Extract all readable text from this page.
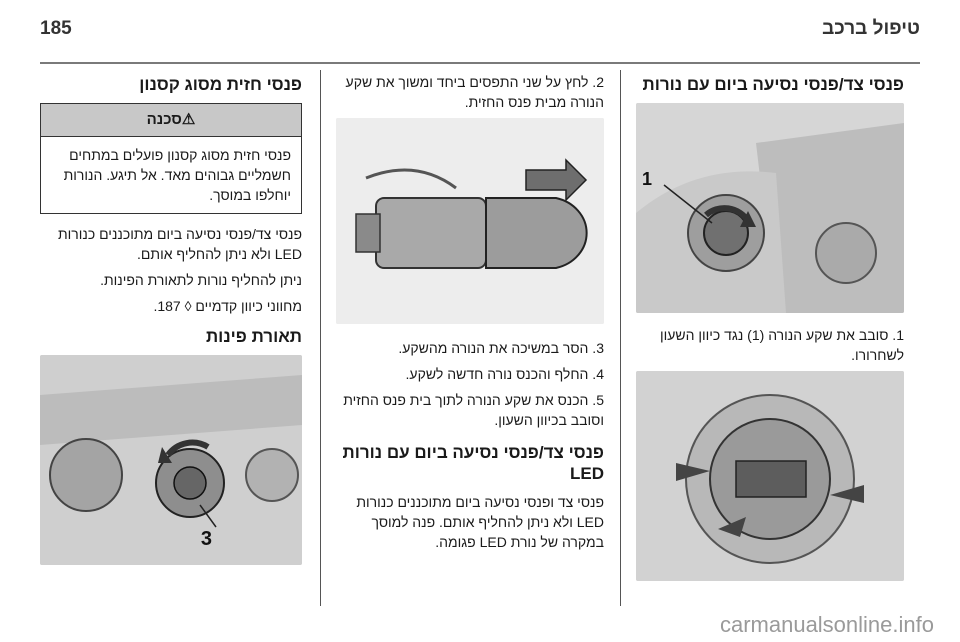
טיפול ברכב
185
פנסי צד/פנסי נסיעה ביום עם נורות
1

1. סובב את שקע הנורה (1) נגד כיוון השעון לשחרורו.

2. לחץ על שני התפסים ביחד ומשוך את שקע הנורה מבית פנס החזית.

3. הסר במשיכה את הנורה מהשקע.

4. החלף והכנס נורה חדשה לשקע.

5. הכנס את שקע הנורה לתוך בית פנס החזית וסובב בכיוון השעון.

פנסי צד/פנסי נסיעה ביום עם נורות LED

פנסי צד ופנסי נסיעה ביום מתוכננים כנורות LED ולא ניתן להחליף אותם. פנה למוסך במקרה של נורת LED פגומה.

פנסי חזית מסוג קסנון
⚠סכנה
פנסי חזית מסוג קסנון פועלים במתחים חשמליים גבוהים מאד. אל תיגע. הנורות יוחלפו במוסך.

פנסי צד/פנסי נסיעה ביום מתוכננים כנורות LED ולא ניתן להחליף אותם.

ניתן להחליף נורות לתאורת הפינות.

מחווני כיוון קדמיים ◊ 187.

תאורת פינות
3
carmanualsonline.info
